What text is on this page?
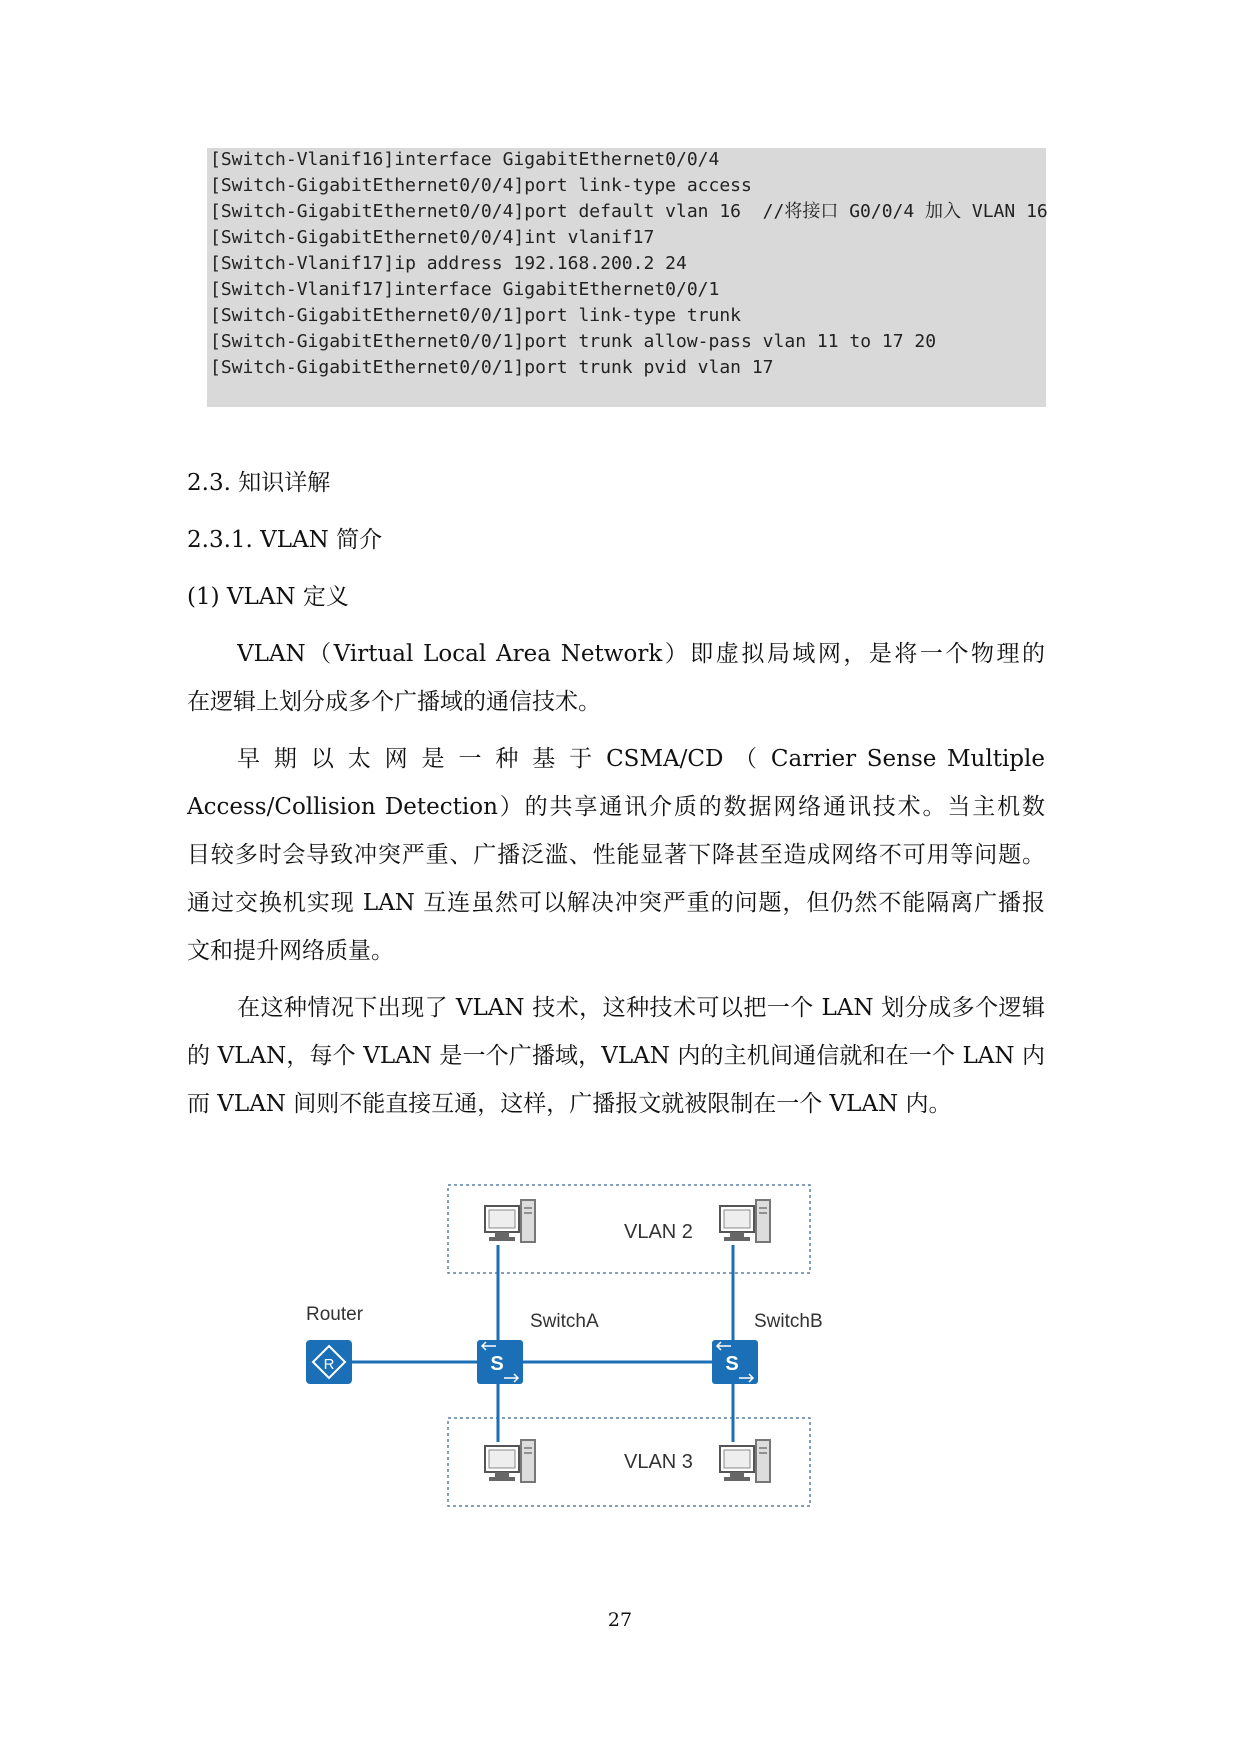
[Switch-Vlanif16]interface GigabitEthernet0/0/4
[Switch-GigabitEthernet0/0/4]port link-type access
[Switch-GigabitEthernet0/0/4]port default vlan 16  //将接口 G0/0/4 加入 VLAN 16
[Switch-GigabitEthernet0/0/4]int vlanif17
[Switch-Vlanif17]ip address 192.168.200.2 24
[Switch-Vlanif17]interface GigabitEthernet0/0/1
[Switch-GigabitEthernet0/0/1]port link-type trunk
[Switch-GigabitEthernet0/0/1]port trunk allow-pass vlan 11 to 17 20
[Switch-GigabitEthernet0/0/1]port trunk pvid vlan 17
2.3. 知识详解
2.3.1. VLAN 简介
(1) VLAN 定义
VLAN（Virtual Local Area Network）即虚拟局域网，是将一个物理的
在逻辑上划分成多个广播域的通信技术。
早 期 以 太 网 是 一 种 基 于 CSMA/CD （ Carrier Sense Multiple
Access/Collision Detection）的共享通讯介质的数据网络通讯技术。当主机数
目较多时会导致冲突严重、广播泛滥、性能显著下降甚至造成网络不可用等问题。
通过交换机实现 LAN 互连虽然可以解决冲突严重的问题，但仍然不能隔离广播报
文和提升网络质量。
在这种情况下出现了 VLAN 技术，这种技术可以把一个 LAN 划分成多个逻辑
的 VLAN，每个 VLAN 是一个广播域，VLAN 内的主机间通信就和在一个 LAN 内
而 VLAN 间则不能直接互通，这样，广播报文就被限制在一个 VLAN 内。
VLAN 2
VLAN 3
Router
R
SwitchA
S
SwitchB
S
27
